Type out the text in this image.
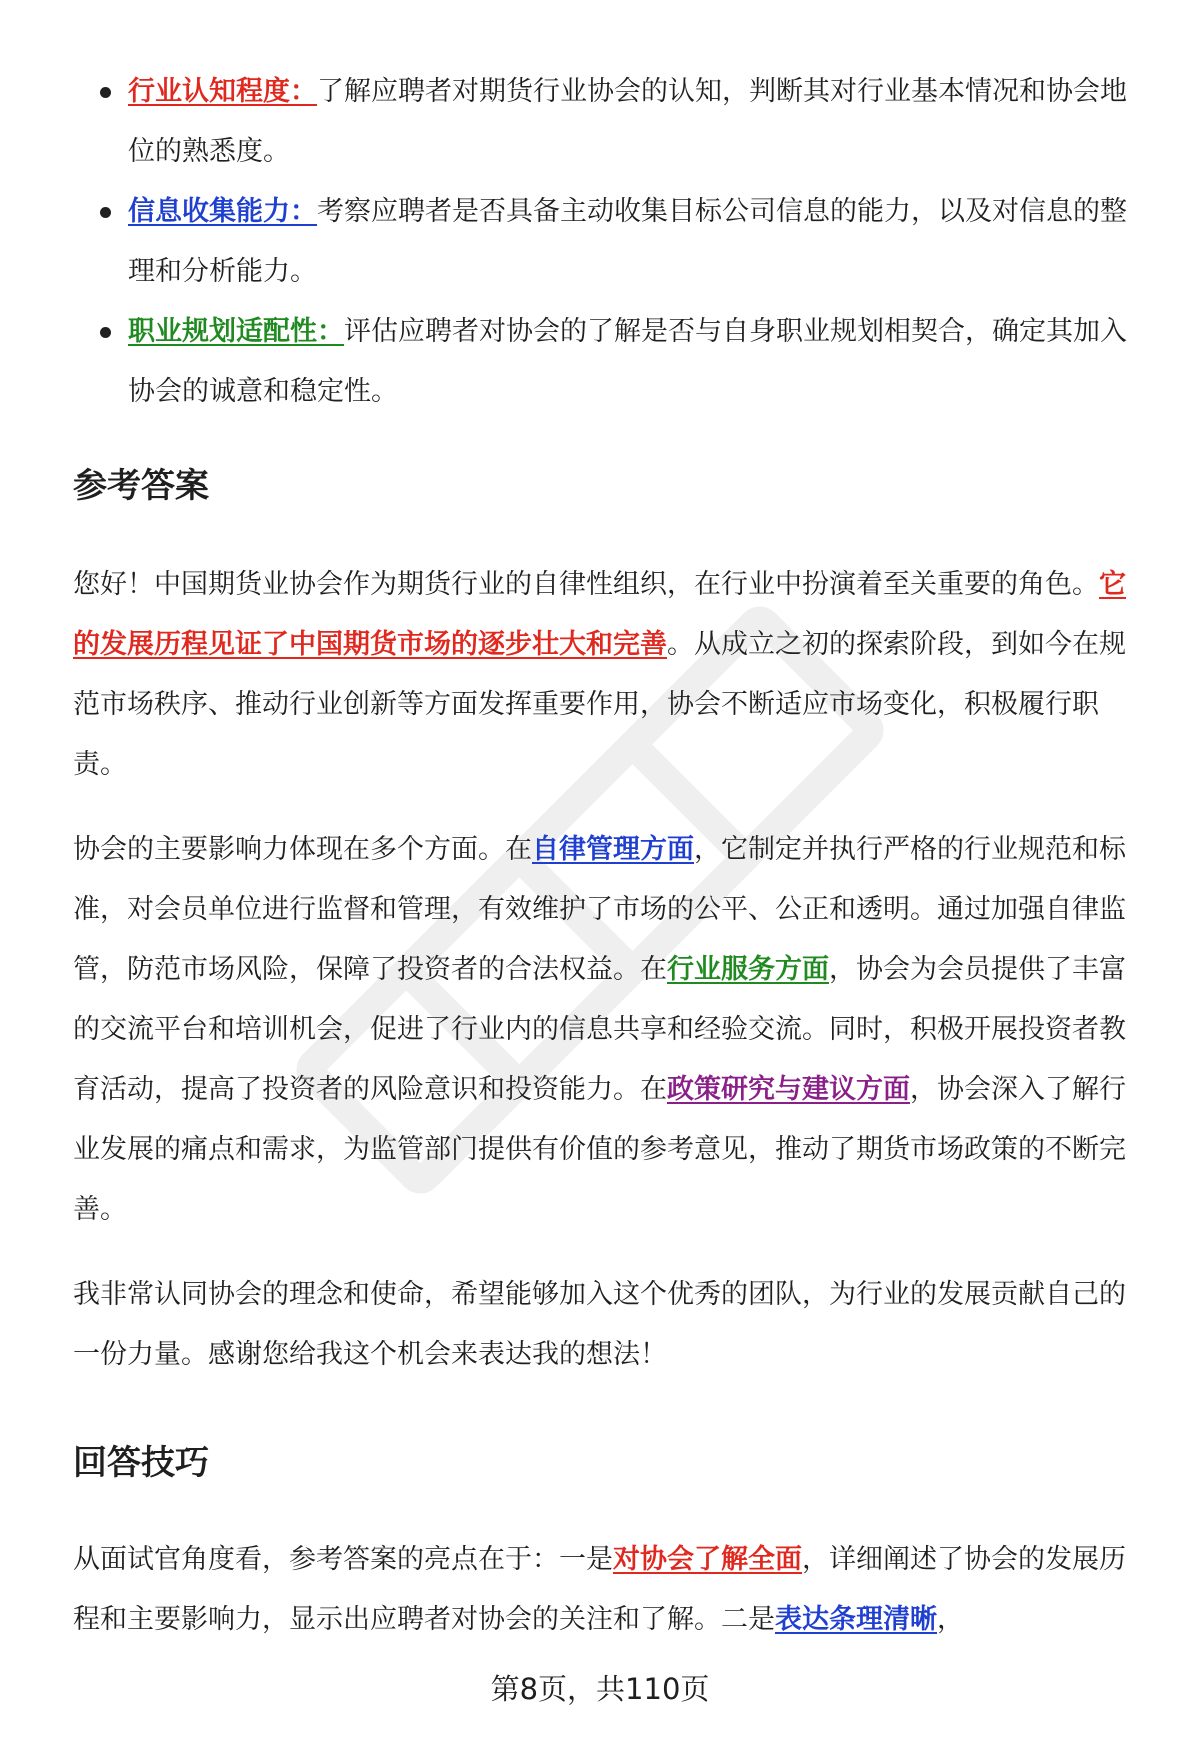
行业认知程度：了解应聘者对期货行业协会的认知，判断其对行业基本情况和协会地位的熟悉度。
信息收集能力：考察应聘者是否具备主动收集目标公司信息的能力，以及对信息的整理和分析能力。
职业规划适配性：评估应聘者对协会的了解是否与自身职业规划相契合，确定其加入协会的诚意和稳定性。
参考答案

您好！中国期货业协会作为期货行业的自律性组织，在行业中扮演着至关重要的角色。它的发展历程见证了中国期货市场的逐步壮大和完善。从成立之初的探索阶段，到如今在规范市场秩序、推动行业创新等方面发挥重要作用，协会不断适应市场变化，积极履行职责。

协会的主要影响力体现在多个方面。在自律管理方面，它制定并执行严格的行业规范和标准，对会员单位进行监督和管理，有效维护了市场的公平、公正和透明。通过加强自律监管，防范市场风险，保障了投资者的合法权益。在行业服务方面，协会为会员提供了丰富的交流平台和培训机会，促进了行业内的信息共享和经验交流。同时，积极开展投资者教育活动，提高了投资者的风险意识和投资能力。在政策研究与建议方面，协会深入了解行业发展的痛点和需求，为监管部门提供有价值的参考意见，推动了期货市场政策的不断完善。

我非常认同协会的理念和使命，希望能够加入这个优秀的团队，为行业的发展贡献自己的一份力量。感谢您给我这个机会来表达我的想法！

回答技巧

从面试官角度看，参考答案的亮点在于：一是对协会了解全面，详细阐述了协会的发展历程和主要影响力，显示出应聘者对协会的关注和了解。二是表达条理清晰，

第8页，共110页
